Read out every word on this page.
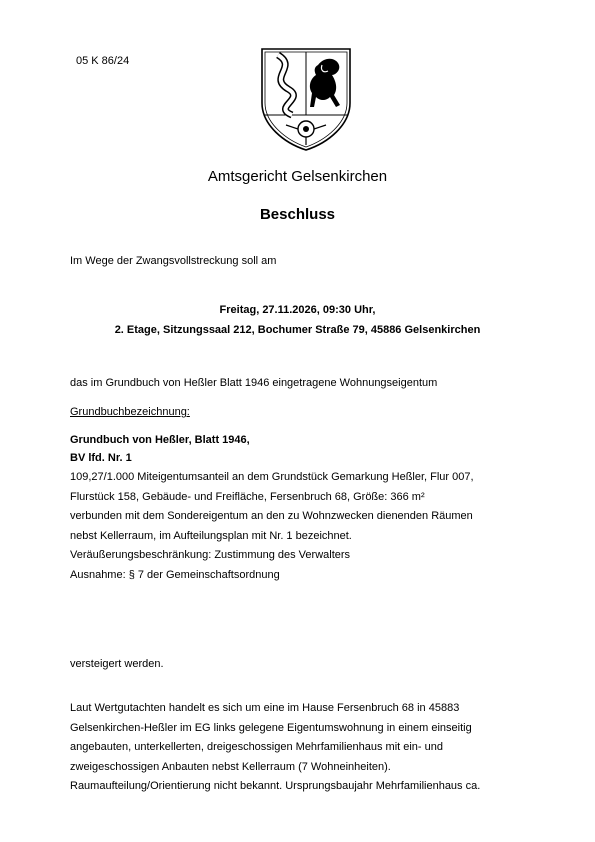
05 K 86/24
Amtsgericht Gelsenkirchen
Beschluss
Im Wege der Zwangsvollstreckung soll am
Freitag, 27.11.2026, 09:30 Uhr,
2. Etage, Sitzungssaal 212, Bochumer Straße 79, 45886 Gelsenkirchen
das im Grundbuch von Heßler Blatt 1946 eingetragene Wohnungseigentum
Grundbuchbezeichnung:
Grundbuch von Heßler, Blatt 1946,
BV lfd. Nr. 1
109,27/1.000 Miteigentumsanteil an dem Grundstück Gemarkung Heßler, Flur 007,
Flurstück 158, Gebäude- und Freifläche, Fersenbruch 68, Größe: 366 m²
verbunden mit dem Sondereigentum an den zu Wohnzwecken dienenden Räumen
nebst Kellerraum, im Aufteilungsplan mit Nr. 1 bezeichnet.
Veräußerungsbeschränkung: Zustimmung des Verwalters
Ausnahme: § 7 der Gemeinschaftsordnung
versteigert werden.
Laut Wertgutachten handelt es sich um eine im Hause Fersenbruch 68 in 45883
Gelsenkirchen-Heßler im EG links gelegene Eigentumswohnung in einem einseitig
angebauten, unterkellerten, dreigeschossigen Mehrfamilienhaus mit ein- und
zweigeschossigen Anbauten nebst Kellerraum (7 Wohneinheiten).
Raumaufteilung/Orientierung nicht bekannt. Ursprungsbaujahr Mehrfamilienhaus ca.
